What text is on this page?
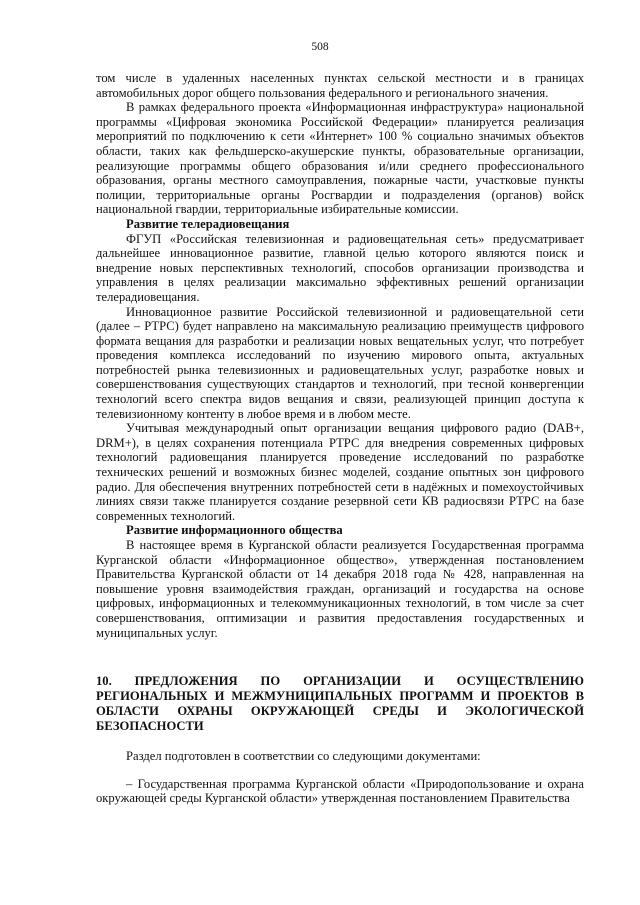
508

том числе в удаленных населенных пунктах сельской местности и в границах автомобильных дорог общего пользования федерального и регионального значения.

В рамках федерального проекта «Информационная инфраструктура» национальной программы «Цифровая экономика Российской Федерации» планируется реализация мероприятий по подключению к сети «Интернет» 100 % социально значимых объектов области, таких как фельдшерско-акушерские пункты, образовательные организации, реализующие программы общего образования и/или среднего профессионального образования, органы местного самоуправления, пожарные части, участковые пункты полиции, территориальные органы Росгвардии и подразделения (органов) войск национальной гвардии, территориальные избирательные комиссии.

Развитие телерадиовещания

ФГУП «Российская телевизионная и радиовещательная сеть» предусматривает дальнейшее инновационное развитие, главной целью которого являются поиск и внедрение новых перспективных технологий, способов организации производства и управления в целях реализации максимально эффективных решений организации телерадиовещания.

Инновационное развитие Российской телевизионной и радиовещательной сети (далее – РТРС) будет направлено на максимальную реализацию преимуществ цифрового формата вещания для разработки и реализации новых вещательных услуг, что потребует проведения комплекса исследований по изучению мирового опыта, актуальных потребностей рынка телевизионных и радиовещательных услуг, разработке новых и совершенствования существующих стандартов и технологий, при тесной конвергенции технологий всего спектра видов вещания и связи, реализующей принцип доступа к телевизионному контенту в любое время и в любом месте.

Учитывая международный опыт организации вещания цифрового радио (DAB+, DRM+), в целях сохранения потенциала РТРС для внедрения современных цифровых технологий радиовещания планируется проведение исследований по разработке технических решений и возможных бизнес моделей, создание опытных зон цифрового радио. Для обеспечения внутренних потребностей сети в надёжных и помехоустойчивых линиях связи также планируется создание резервной сети КВ радиосвязи РТРС на базе современных технологий.

Развитие информационного общества

В настоящее время в Курганской области реализуется Государственная программа Курганской области «Информационное общество», утвержденная постановлением Правительства Курганской области от 14 декабря 2018 года № 428, направленная на повышение уровня взаимодействия граждан, организаций и государства на основе цифровых, информационных и телекоммуникационных технологий, в том числе за счет совершенствования, оптимизации и развития предоставления государственных и муниципальных услуг.

10. ПРЕДЛОЖЕНИЯ ПО ОРГАНИЗАЦИИ И ОСУЩЕСТВЛЕНИЮ РЕГИОНАЛЬНЫХ И МЕЖМУНИЦИПАЛЬНЫХ ПРОГРАММ И ПРОЕКТОВ В ОБЛАСТИ ОХРАНЫ ОКРУЖАЮЩЕЙ СРЕДЫ И ЭКОЛОГИЧЕСКОЙ БЕЗОПАСНОСТИ

Раздел подготовлен в соответствии со следующими документами:

– Государственная программа Курганской области «Природопользование и охрана окружающей среды Курганской области» утвержденная постановлением Правительства
